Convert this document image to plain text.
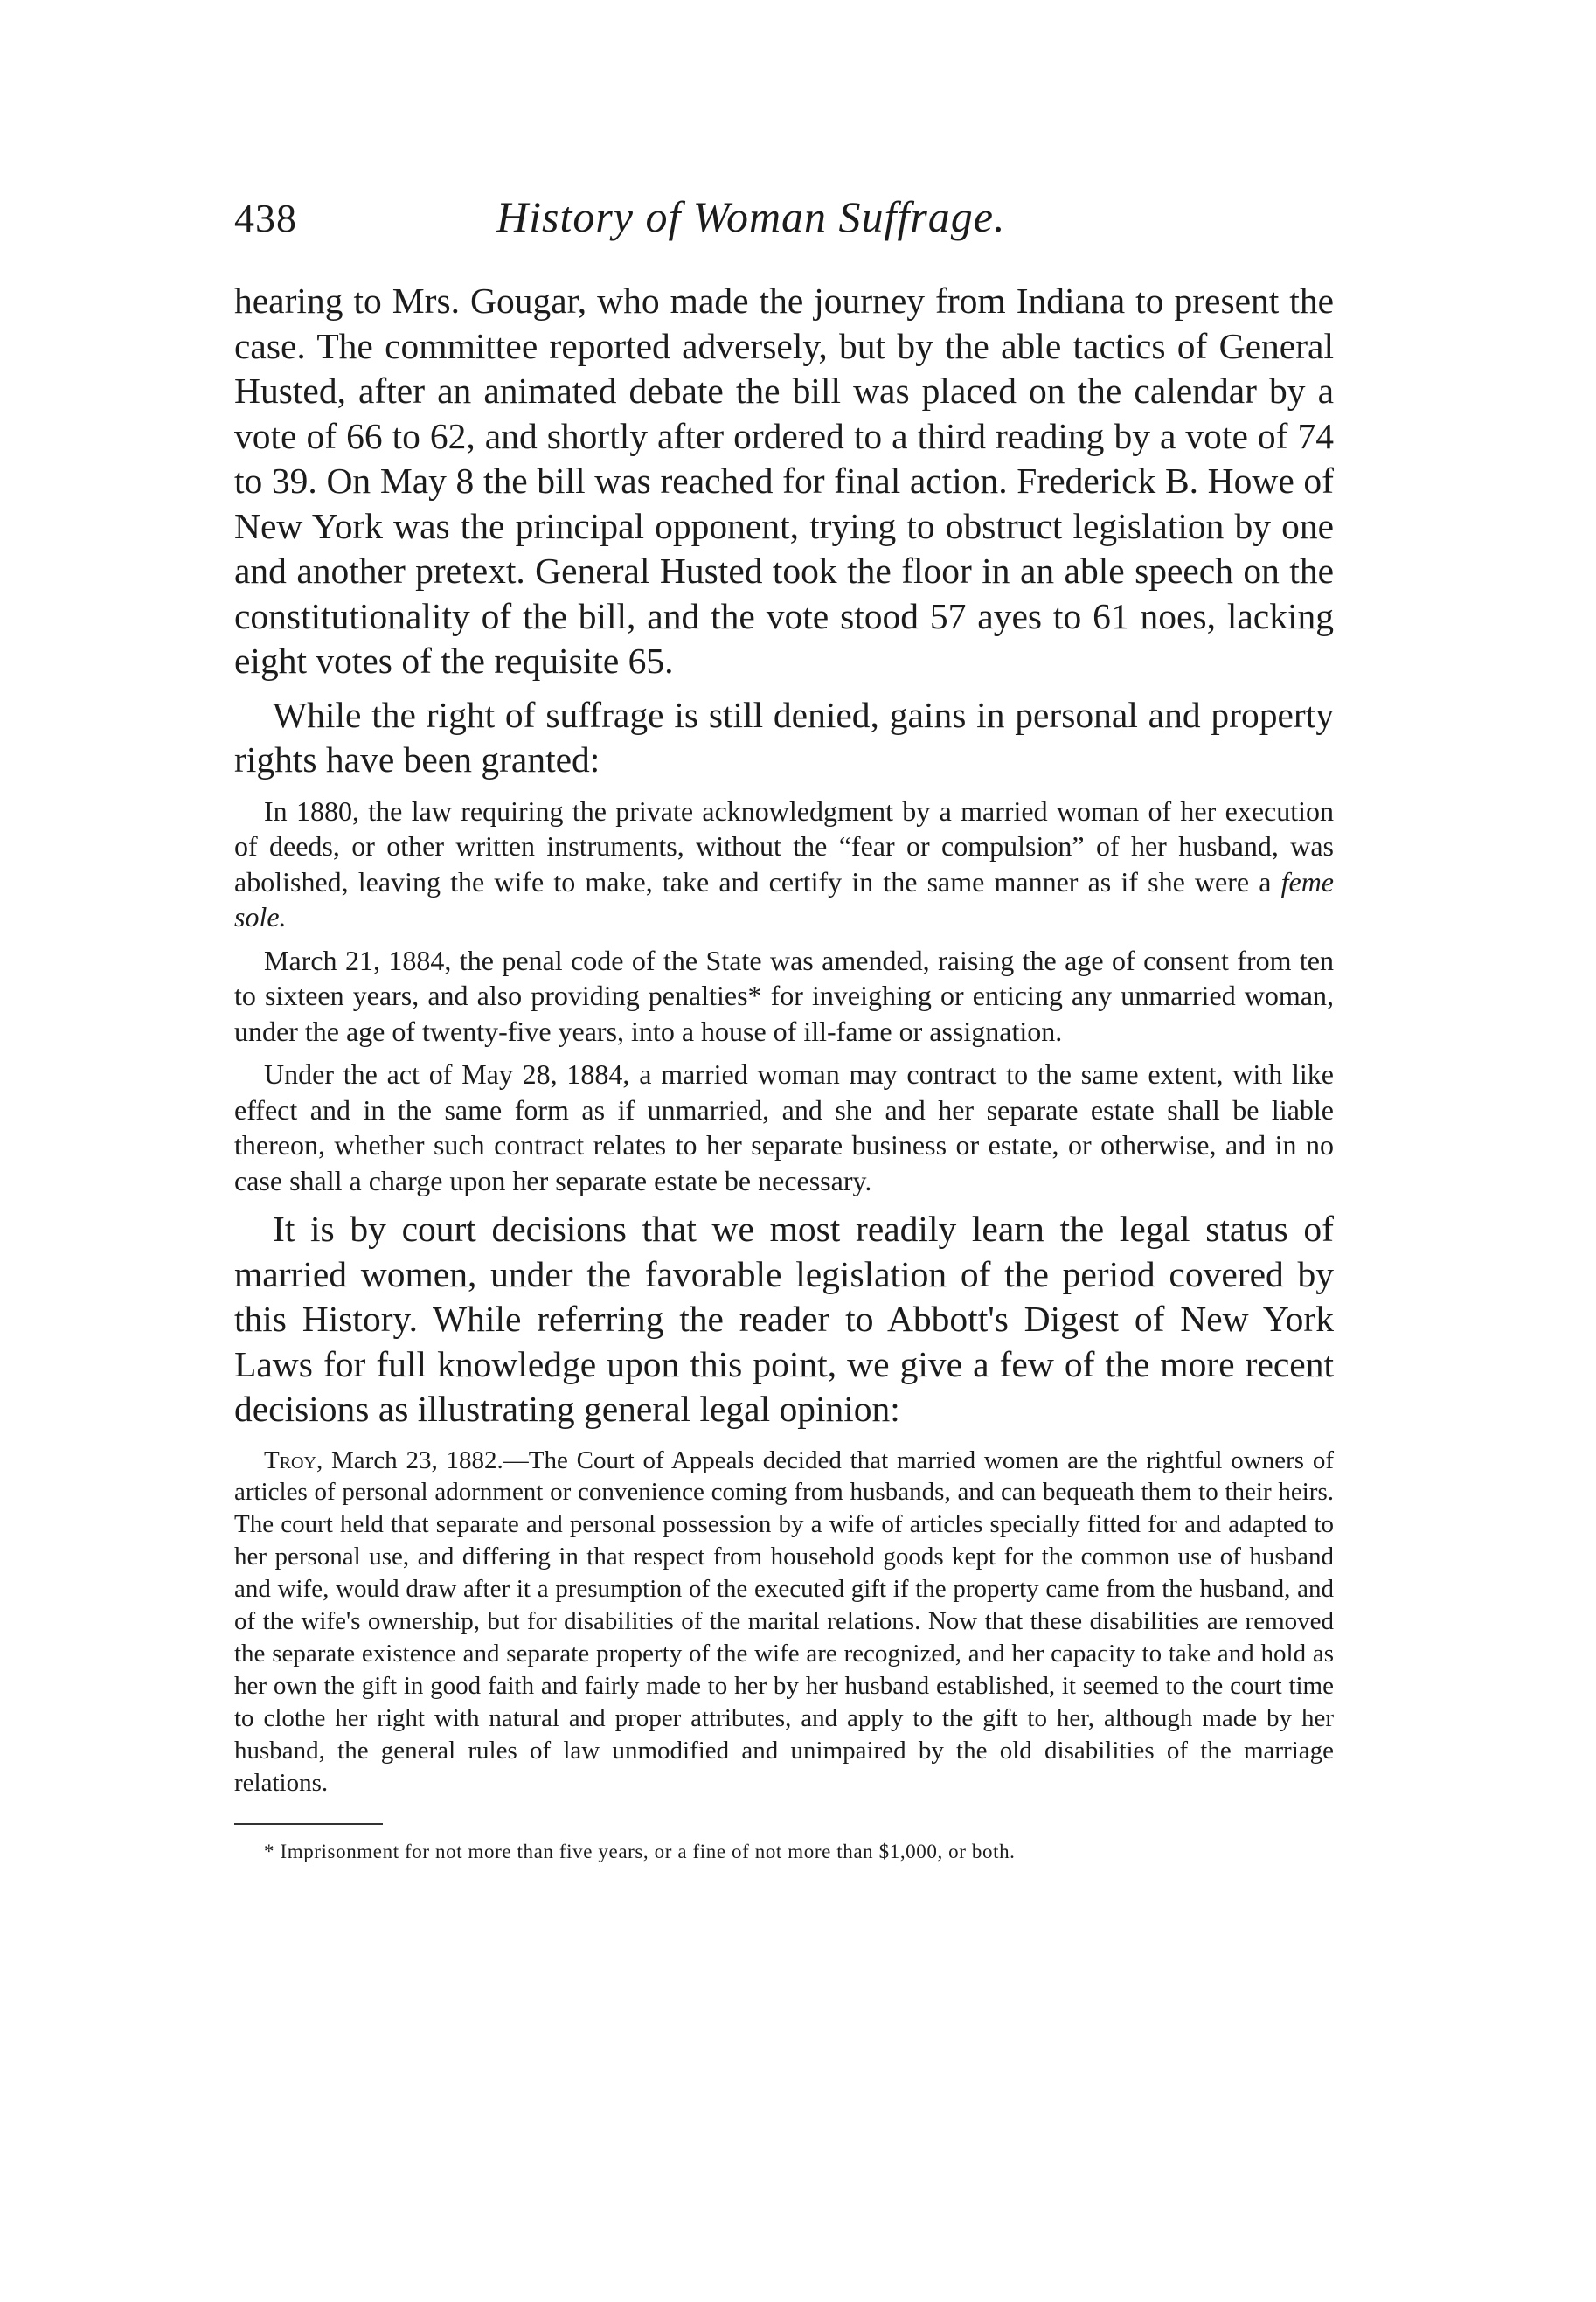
438	History of Woman Suffrage.

hearing to Mrs. Gougar, who made the journey from Indiana to present the case. The committee reported adversely, but by the able tactics of General Husted, after an animated debate the bill was placed on the calendar by a vote of 66 to 62, and shortly after ordered to a third reading by a vote of 74 to 39. On May 8 the bill was reached for final action. Frederick B. Howe of New York was the principal opponent, trying to obstruct legislation by one and another pretext. General Husted took the floor in an able speech on the constitutionality of the bill, and the vote stood 57 ayes to 61 noes, lacking eight votes of the requisite 65.

While the right of suffrage is still denied, gains in personal and property rights have been granted:

In 1880, the law requiring the private acknowledgment by a married woman of her execution of deeds, or other written instruments, without the “fear or compulsion” of her husband, was abolished, leaving the wife to make, take and certify in the same manner as if she were a feme sole.

March 21, 1884, the penal code of the State was amended, raising the age of consent from ten to sixteen years, and also providing penalties* for inveighing or enticing any unmarried woman, under the age of twenty-five years, into a house of ill-fame or assignation.

Under the act of May 28, 1884, a married woman may contract to the same extent, with like effect and in the same form as if unmarried, and she and her separate estate shall be liable thereon, whether such contract relates to her separate business or estate, or otherwise, and in no case shall a charge upon her separate estate be necessary.

It is by court decisions that we most readily learn the legal status of married women, under the favorable legislation of the period covered by this History. While referring the reader to Abbott's Digest of New York Laws for full knowledge upon this point, we give a few of the more recent decisions as illustrating general legal opinion:

Troy, March 23, 1882.—The Court of Appeals decided that married women are the rightful owners of articles of personal adornment or convenience coming from husbands, and can bequeath them to their heirs. The court held that separate and personal possession by a wife of articles specially fitted for and adapted to her personal use, and differing in that respect from household goods kept for the common use of husband and wife, would draw after it a presumption of the executed gift if the property came from the husband, and of the wife's ownership, but for disabilities of the marital relations. Now that these disabilities are removed the separate existence and separate property of the wife are recognized, and her capacity to take and hold as her own the gift in good faith and fairly made to her by her husband established, it seemed to the court time to clothe her right with natural and proper attributes, and apply to the gift to her, although made by her husband, the general rules of law unmodified and unimpaired by the old disabilities of the marriage relations.

* Imprisonment for not more than five years, or a fine of not more than $1,000, or both.
